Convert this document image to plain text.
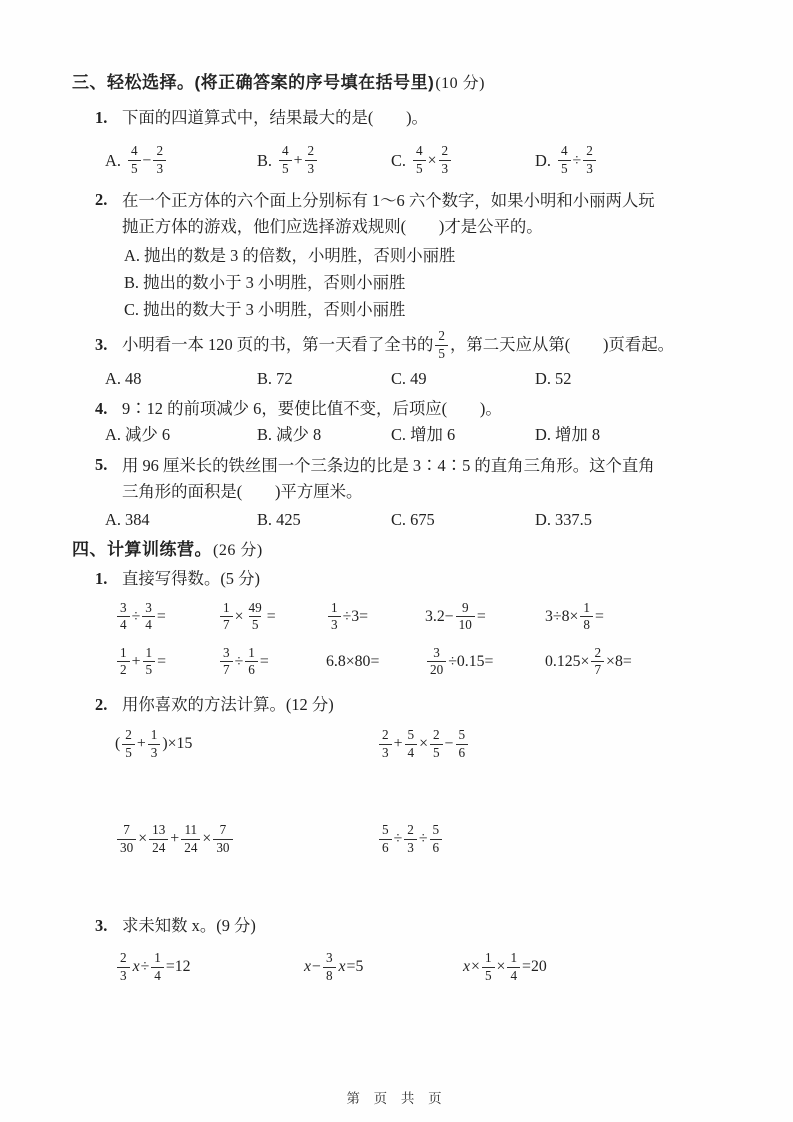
三、轻松选择。(将正确答案的序号填在括号里)(10 分)
1. 下面的四道算式中，结果最大的是(　　)。
A. $\frac{4}{5} - \frac{2}{3}$	B. $\frac{4}{5} + \frac{2}{3}$	C. $\frac{4}{5} \times \frac{2}{3}$	D. $\frac{4}{5} \div \frac{2}{3}$
2. 在一个正方体的六个面上分别标有 1～6 六个数字，如果小明和小丽两人玩
抛正方体的游戏，他们应选择游戏规则(　　)才是公平的。
A. 抛出的数是 3 的倍数，小明胜，否则小丽胜
B. 抛出的数小于 3 小明胜，否则小丽胜
C. 抛出的数大于 3 小明胜，否则小丽胜
3. 小明看一本 120 页的书，第一天看了全书的 $\frac{2}{5}$ ，第二天应从第(　　)页看起。
A. 48	B. 72	C. 49	D. 52
4. 9∶12 的前项减少 6，要使比值不变，后项应(　　)。
A. 减少 6	B. 减少 8	C. 增加 6	D. 增加 8
5. 用 96 厘米长的铁丝围一个三条边的比是 3∶4∶5 的直角三角形。这个直角
三角形的面积是(　　)平方厘米。
A. 384	B. 425	C. 675	D. 337.5
四、计算训练营。(26 分)
1. 直接写得数。(5 分)
$\frac{3}{4} \div \frac{3}{4}$ =	$\frac{1}{7} \times \frac{49}{5}$ =	$\frac{1}{3} \div 3=$	$3.2- \frac{9}{10}$ =	$3\div 8\times \frac{1}{8}$ =
$\frac{1}{2} + \frac{1}{5}$ =	$\frac{3}{7} \div \frac{1}{6}$ =	6.8×80=	$\frac{3}{20} \div 0.15=$	$0.125\times \frac{2}{7} \times 8=$
2. 用你喜欢的方法计算。(12 分)
( $\frac{2}{5} + \frac{1}{3} )\times 15$	$\frac{2}{3} + \frac{5}{4} \times \frac{2}{5} - \frac{5}{6}$
$\frac{7}{30} \times \frac{13}{24} + \frac{11}{24} \times \frac{7}{30}$	$\frac{5}{6} \div \frac{2}{3} \div \frac{5}{6}$
3. 求未知数 x。(9 分)
$\frac{2}{3}$ $x \div \frac{1}{4} =12$	$x - \frac{3}{8}$ x =5	$x \times \frac{1}{5} \times \frac{1}{4} =20$
第 页 共 页
